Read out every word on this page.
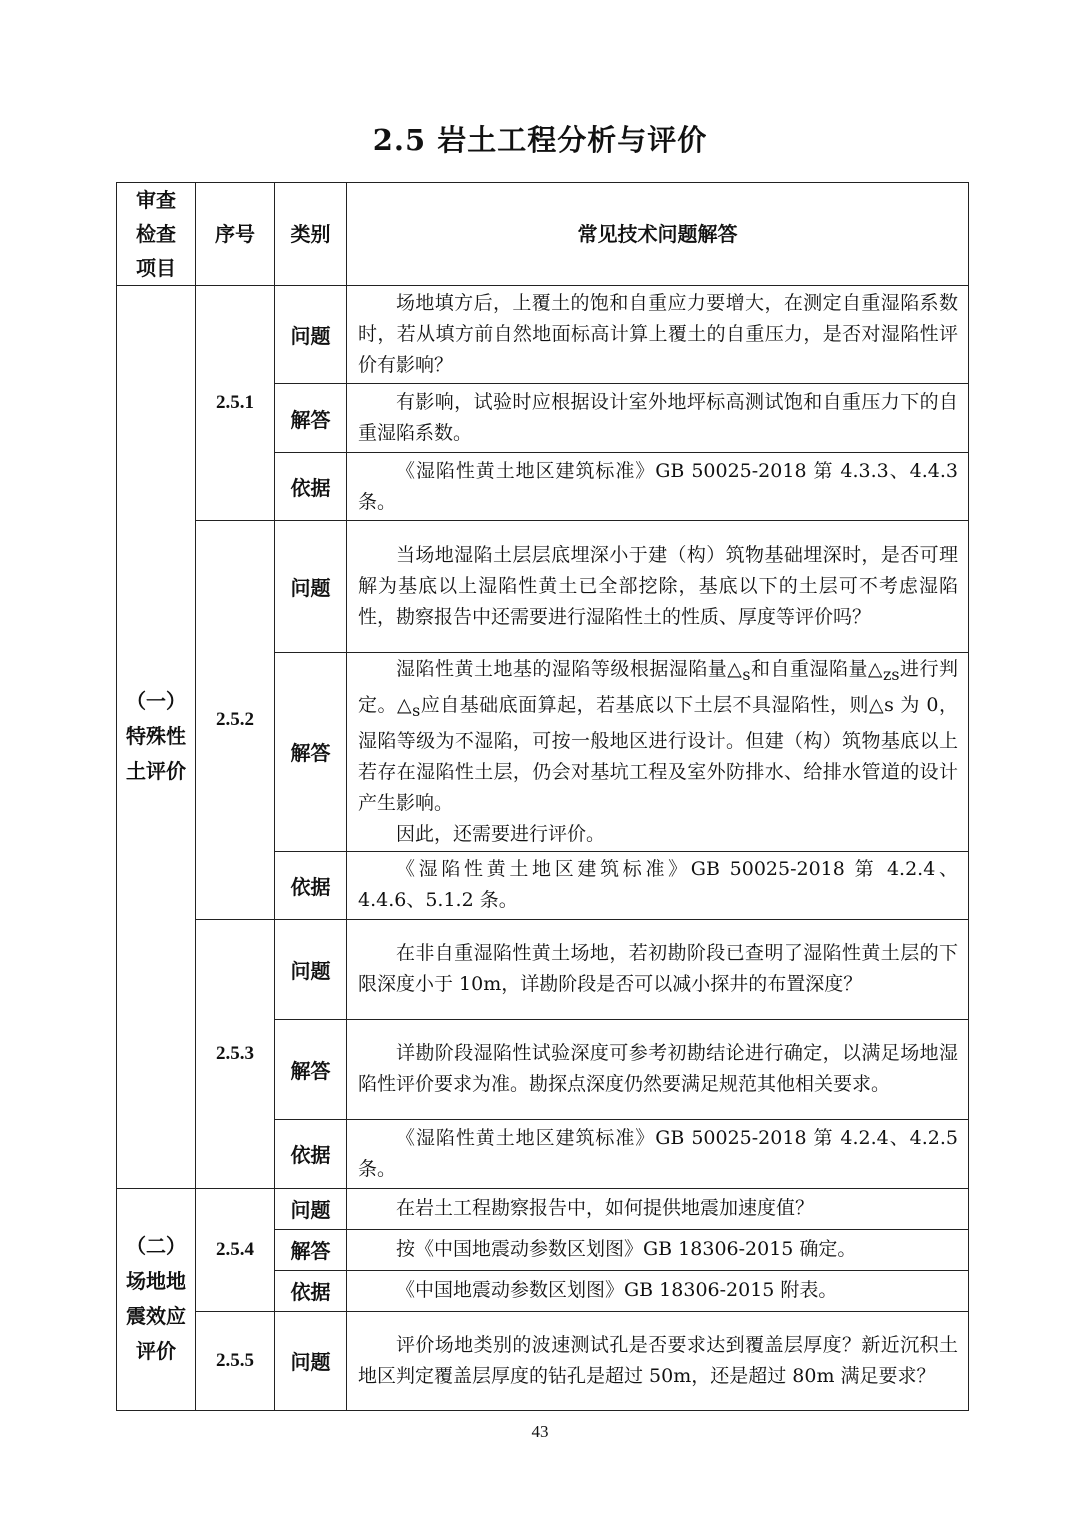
2.5 岩土工程分析与评价
审查
检查
项目	序号	类别	常见技术问题解答

（一）
特殊性
土评价	2.5.1	问题	场地填方后，上覆土的饱和自重应力要增大，在测定自重湿陷系数时，若从填方前自然地面标高计算上覆土的自重压力，是否对湿陷性评价有影响？

		解答	有影响，试验时应根据设计室外地坪标高测试饱和自重压力下的自重湿陷系数。

		依据	《湿陷性黄土地区建筑标准》GB 50025-2018 第 4.3.3、4.4.3 条。

	2.5.2	问题	当场地湿陷土层层底埋深小于建（构）筑物基础埋深时，是否可理解为基底以上湿陷性黄土已全部挖除，基底以下的土层可不考虑湿陷性，勘察报告中还需要进行湿陷性土的性质、厚度等评价吗？

		解答	湿陷性黄土地基的湿陷等级根据湿陷量$\triangle_s$和自重湿陷量$\triangle_{zs}$进行判定。$\triangle_s$应自基础底面算起，若基底以下土层不具湿陷性，则△s 为 0，湿陷等级为不湿陷，可按一般地区进行设计。但建（构）筑物基底以上若存在湿陷性土层，仍会对基坑工程及室外防排水、给排水管道的设计产生影响。

因此，还需要进行评价。

		依据	《湿陷性黄土地区建筑标准》GB 50025-2018 第 4.2.4、4.4.6、5.1.2 条。

	2.5.3	问题	在非自重湿陷性黄土场地，若初勘阶段已查明了湿陷性黄土层的下限深度小于 10m，详勘阶段是否可以减小探井的布置深度？

		解答	详勘阶段湿陷性试验深度可参考初勘结论进行确定，以满足场地湿陷性评价要求为准。勘探点深度仍然要满足规范其他相关要求。

		依据	《湿陷性黄土地区建筑标准》GB 50025-2018 第 4.2.4、4.2.5 条。

（二）
场地地
震效应
评价	2.5.4	问题	在岩土工程勘察报告中，如何提供地震加速度值？

		解答	按《中国地震动参数区划图》GB 18306-2015 确定。

		依据	《中国地震动参数区划图》GB 18306-2015 附表。

	2.5.5	问题	评价场地类别的波速测试孔是否要求达到覆盖层厚度？新近沉积土地区判定覆盖层厚度的钻孔是超过 50m，还是超过 80m 满足要求？

43
